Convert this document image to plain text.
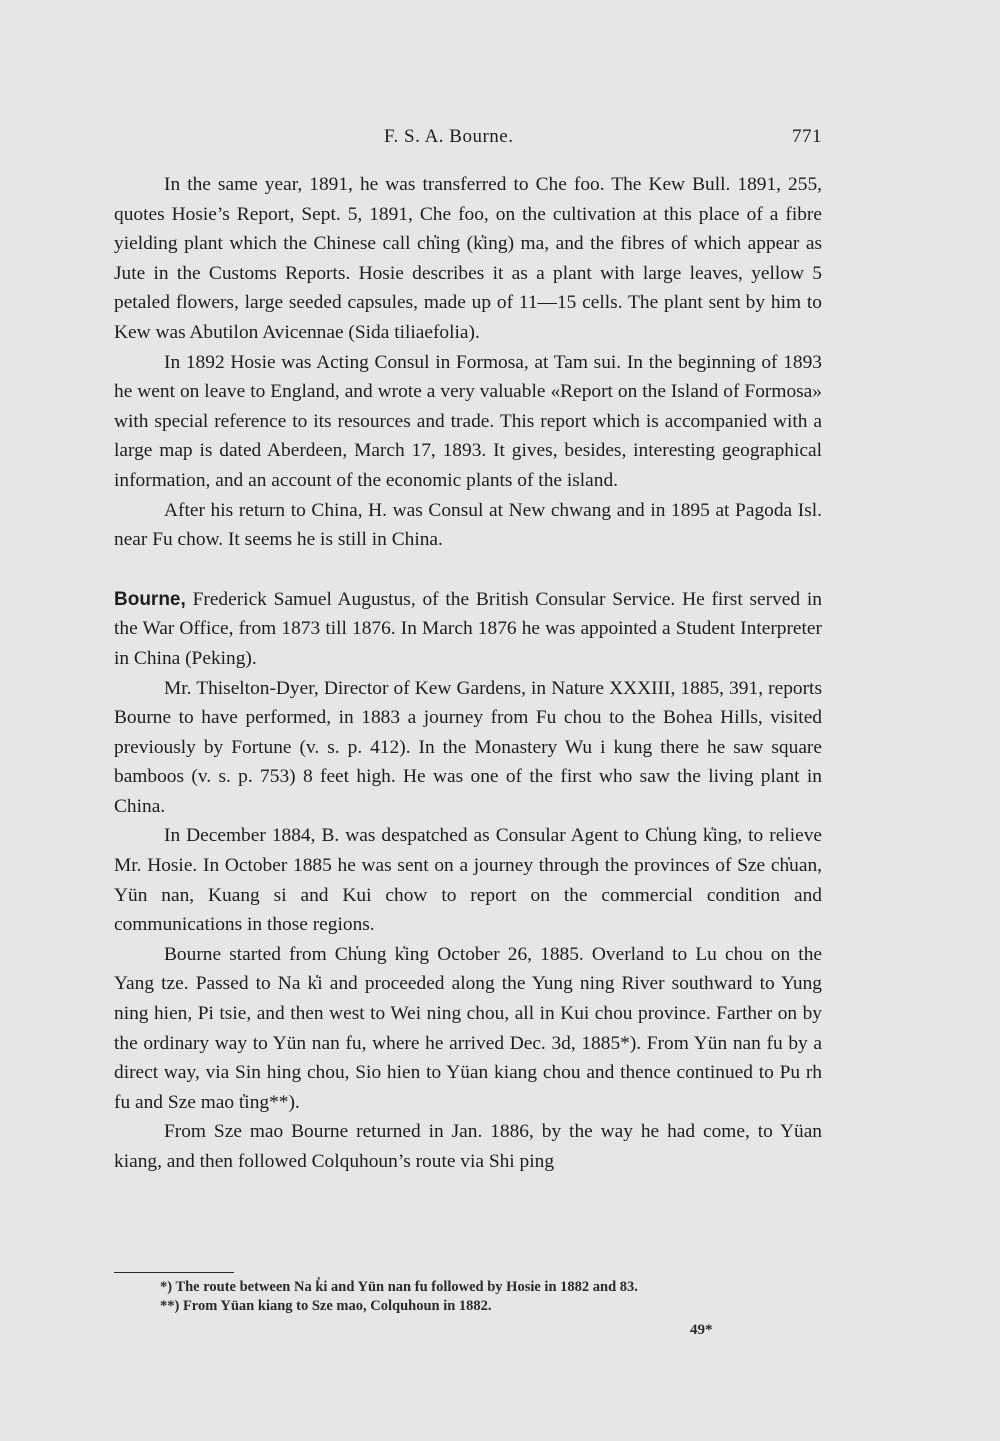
F. S. A. Bourne.	771

In the same year, 1891, he was transferred to Che foo. The Kew Bull. 1891, 255, quotes Hosie’s Report, Sept. 5, 1891, Che foo, on the cultivation at this place of a fibre yielding plant which the Chinese call ch̔ing (k̔ing) ma, and the fibres of which appear as Jute in the Customs Reports. Hosie describes it as a plant with large leaves, yellow 5 petaled flowers, large seeded capsules, made up of 11—15 cells. The plant sent by him to Kew was Abutilon Avicennae (Sida tiliaefolia).

In 1892 Hosie was Acting Consul in Formosa, at Tam sui. In the beginning of 1893 he went on leave to England, and wrote a very valuable «Report on the Island of Formosa» with special reference to its resources and trade. This report which is accompanied with a large map is dated Aberdeen, March 17, 1893. It gives, besides, interesting geographical information, and an account of the economic plants of the island.

After his return to China, H. was Consul at New chwang and in 1895 at Pagoda Isl. near Fu chow. It seems he is still in China.

Bourne, Frederick Samuel Augustus, of the British Consular Service. He first served in the War Office, from 1873 till 1876. In March 1876 he was appointed a Student Interpreter in China (Peking).

Mr. Thiselton-Dyer, Director of Kew Gardens, in Nature XXXIII, 1885, 391, reports Bourne to have performed, in 1883 a journey from Fu chou to the Bohea Hills, visited previously by Fortune (v. s. p. 412). In the Monastery Wu i kung there he saw square bamboos (v. s. p. 753) 8 feet high. He was one of the first who saw the living plant in China.

In December 1884, B. was despatched as Consular Agent to Ch̔ung k̔ing, to relieve Mr. Hosie. In October 1885 he was sent on a journey through the provinces of Sze ch̔uan, Yün nan, Kuang si and Kui chow to report on the commercial condition and communications in those regions.

Bourne started from Ch̔ung k̔ing October 26, 1885. Overland to Lu chou on the Yang tze. Passed to Na k̔i and proceeded along the Yung ning River southward to Yung ning hien, Pi tsie, and then west to Wei ning chou, all in Kui chou province. Farther on by the ordinary way to Yün nan fu, where he arrived Dec. 3d, 1885*). From Yün nan fu by a direct way, via Sin hing chou, Sio hien to Yüan kiang chou and thence continued to Pu rh fu and Sze mao t̔ing**).

From Sze mao Bourne returned in Jan. 1886, by the way he had come, to Yüan kiang, and then followed Colquhoun’s route via Shi ping

*) The route between Na k̔i and Yün nan fu followed by Hosie in 1882 and 83.

**) From Yüan kiang to Sze mao, Colquhoun in 1882.

49*
